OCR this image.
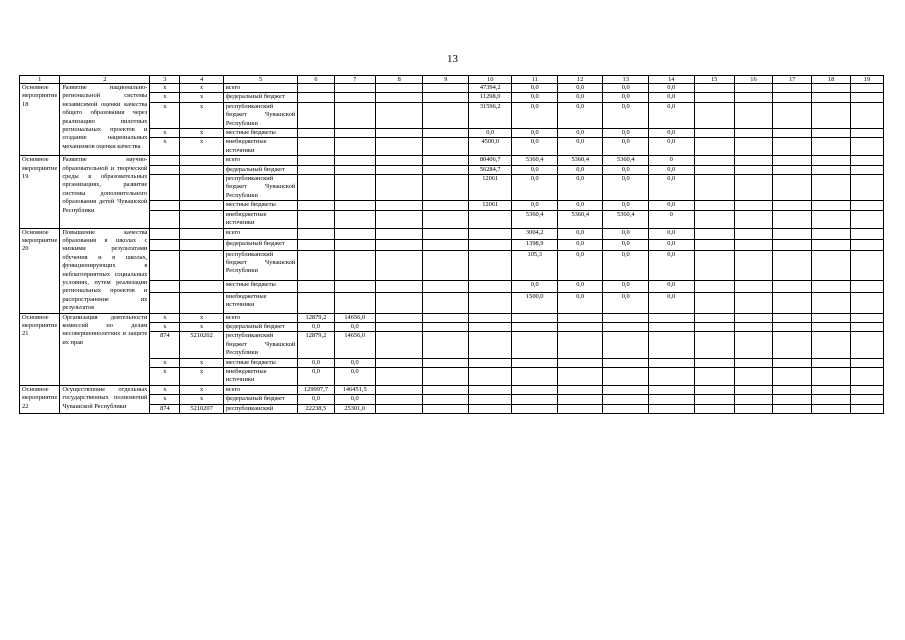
13
1	2	3	4	5	6	7	8	9	10	11	12	13	14	15	16	17	18	19
Основное мероприятие 18	Развитие национально-региональной системы независимой оценки качества общего образования через реализацию пилотных региональных проектов и создание национальных механизмов оценки качества	х	х	всего					47394,2	0,0	0,0	0,0	0,0					
		х	х	федеральный бюджет					11298,0	0,0	0,0	0,0	0,0					
		х	х	республиканский бюджет Чувашской Республики					31596,2	0,0	0,0	0,0	0,0					
		х	х	местные бюджеты					0,0	0,0	0,0	0,0	0,0					
		х	х	внебюджетные источники					4500,0	0,0	0,0	0,0	0,0					
Основное мероприятие 19	Развитие научно-образовательной и творческой среды в образовательных организациях, развитие системы дополнительного образования детей Чувашской Республики			всего					80406,7	5360,4	5360,4	5360,4	0					
				федеральный бюджет					56284,7	0,0	0,0	0,0	0,0					
				республиканский бюджет Чувашской Республики					12061	0,0	0,0	0,0	0,0					
				местные бюджеты					12061	0,0	0,0	0,0	0,0					
				внебюджетные источники						5360,4	5360,4	5360,4	0					
Основное мероприятие 20	Повышение качества образования в школах с низкими результатами обучения и в школах, функционирующих в неблагоприятных социальных условиях, путем реализации региональных проектов и распространение их результатов			всего						3004,2	0,0	0,0	0,0					
				федеральный бюджет						1398,9	0,0	0,0	0,0					
				республиканский бюджет Чувашской Республики						105,3	0,0	0,0	0,0					
				местные бюджеты						0,0	0,0	0,0	0,0					
				внебюджетные источники						1500,0	0,0	0,0	0,0					
Основное мероприятие 21	Организация деятельности комиссий по делам несовершеннолетних и защите их прав	х	х	всего	12879,2	14656,0												
		х	х	федеральный бюджет	0,0	0,0												
		874	5210202	республиканский бюджет Чувашской Республики	12879,2	14656,0												
		х	х	местные бюджеты	0,0	0,0												
		х	х	внебюджетные источники	0,0	0,0												
Основное мероприятие 22	Осуществление отдельных государственных полномочий Чувашской Республики	х	х	всего	129997,7	146451,5												
		х	х	федеральный бюджет	0,0	0,0												
		874	5210207	республиканский	22238,5	25301,0												
